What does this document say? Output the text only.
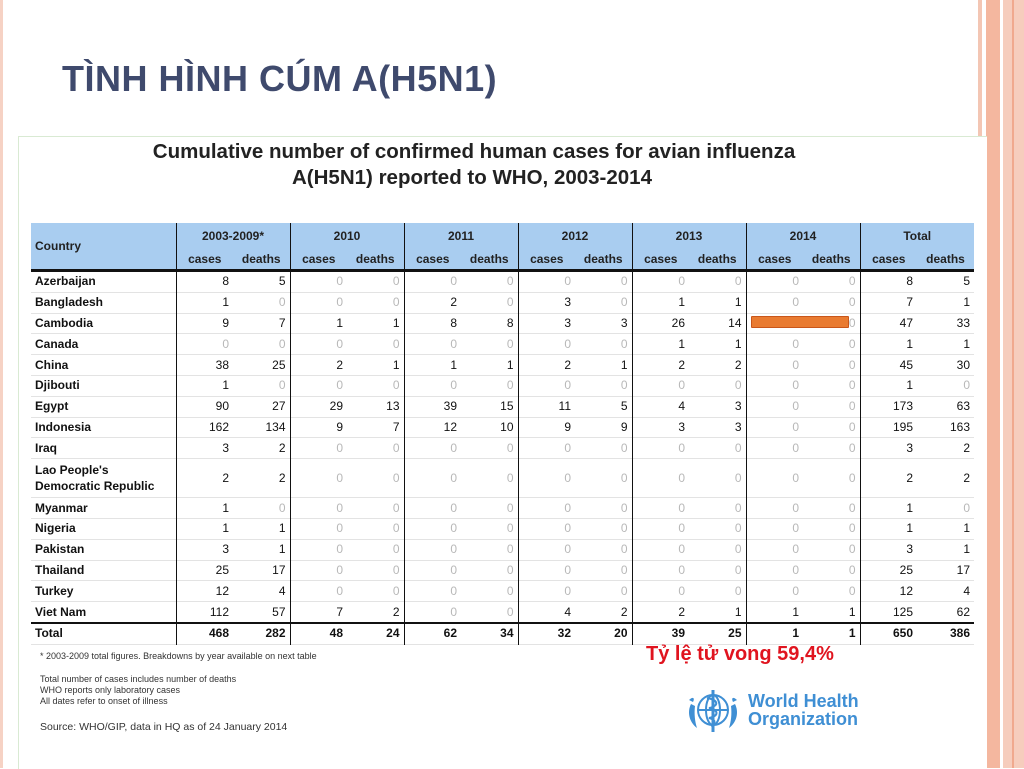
TÌNH HÌNH CÚM A(H5N1)
Cumulative number of confirmed human cases for avian influenza
A(H5N1) reported to WHO, 2003-2014
Country	2003-2009*		2010		2011		2012		2013		2014		Total	
	cases	deaths	cases	deaths	cases	deaths	cases	deaths	cases	deaths	cases	deaths	cases	deaths
Azerbaijan	8	5	0	0	0	0	0	0	0	0	0	0	8	5
Bangladesh	1	0	0	0	2	0	3	0	1	1	0	0	7	1
Cambodia	9	7	1	1	8	8	3	3	26	14		0	47	33
Canada	0	0	0	0	0	0	0	0	1	1	0	0	1	1
China	38	25	2	1	1	1	2	1	2	2	0	0	45	30
Djibouti	1	0	0	0	0	0	0	0	0	0	0	0	1	0
Egypt	90	27	29	13	39	15	11	5	4	3	0	0	173	63
Indonesia	162	134	9	7	12	10	9	9	3	3	0	0	195	163
Iraq	3	2	0	0	0	0	0	0	0	0	0	0	3	2

Lao People's
Democratic Republic	2	2	0	0	0	0	0	0	0	0	0	0	2	2
Myanmar	1	0	0	0	0	0	0	0	0	0	0	0	1	0
Nigeria	1	1	0	0	0	0	0	0	0	0	0	0	1	1
Pakistan	3	1	0	0	0	0	0	0	0	0	0	0	3	1
Thailand	25	17	0	0	0	0	0	0	0	0	0	0	25	17
Turkey	12	4	0	0	0	0	0	0	0	0	0	0	12	4
Viet Nam	112	57	7	2	0	0	4	2	2	1	1	1	125	62
Total	468	282	48	24	62	34	32	20	39	25	1	1	650	386
* 2003-2009 total figures. Breakdowns by year available on next table
Total number of cases includes number of deaths
WHO reports only laboratory cases
All dates refer to onset of illness
Source: WHO/GIP, data in HQ as of 24 January 2014
Tỷ lệ tử vong 59,4%
World Health
Organization
